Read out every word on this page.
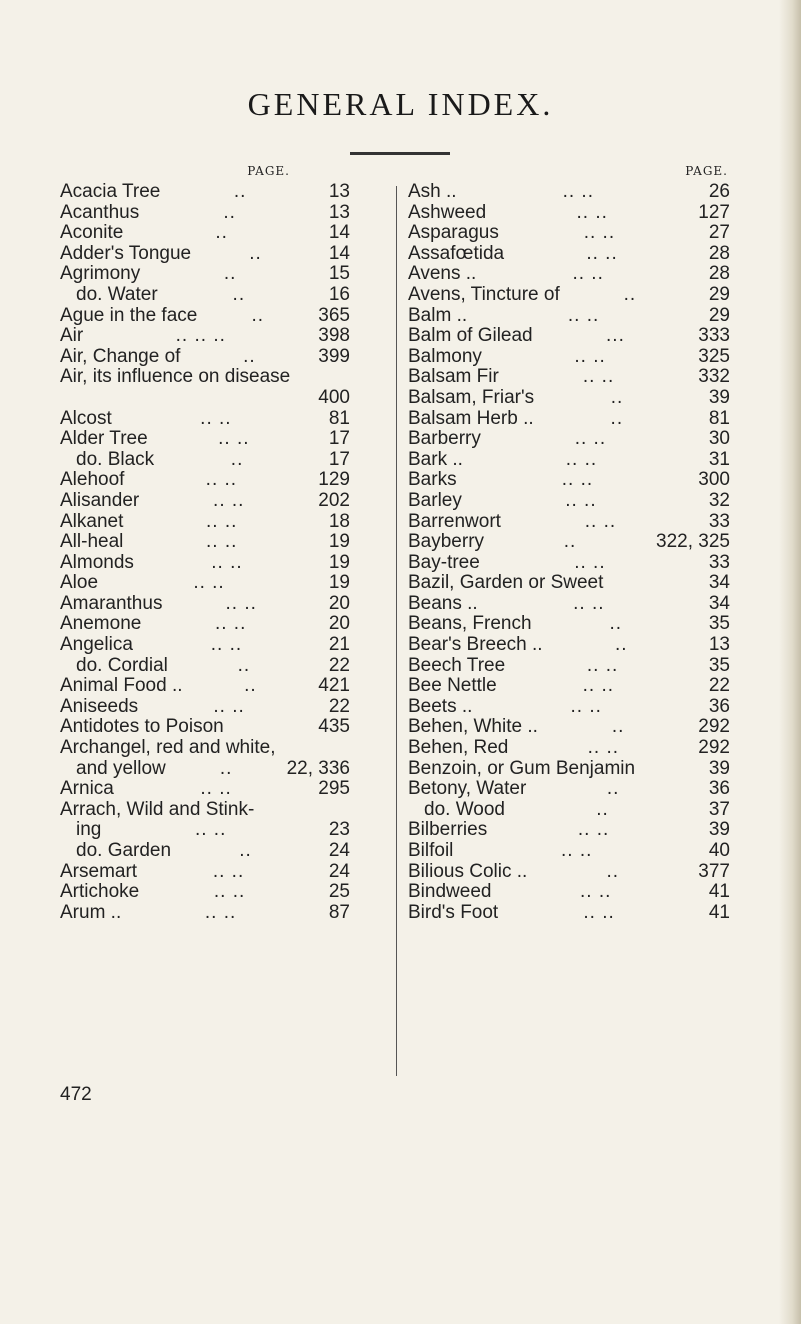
GENERAL INDEX.
PAGE.
Acacia Tree	..	13
Acanthus	..	13
Aconite	..	14
Adder's Tongue	..	14
Agrimony	..	15
do. Water	..	16
Ague in the face	..	365
Air	.. .. ..	398
Air, Change of	..	399
Air, its influence on disease
400
Alcost	.. ..	81
Alder Tree	.. ..	17
do. Black	..	17
Alehoof	.. ..	129
Alisander	.. ..	202
Alkanet	.. ..	18
All-heal	.. ..	19
Almonds	.. ..	19
Aloe	.. ..	19
Amaranthus	.. ..	20
Anemone	.. ..	20
Angelica	.. ..	21
do. Cordial	..	22
Animal Food ..	..	421
Aniseeds	.. ..	22
Antidotes to Poison	435
Archangel, red and white,
and yellow	..	22, 336
Arnica	.. ..	295
Arrach, Wild and Stink-
ing	.. ..	23
do. Garden	..	24
Arsemart	.. ..	24
Artichoke	.. ..	25
Arum ..	.. ..	87
PAGE.
Ash ..	.. ..	26
Ashweed	.. ..	127
Asparagus	.. ..	27
Assafœtida	.. ..	28
Avens ..	.. ..	28
Avens, Tincture of	..	29
Balm ..	.. ..	29
Balm of Gilead	...	333
Balmony	.. ..	325
Balsam Fir	.. ..	332
Balsam, Friar's	..	39
Balsam Herb ..	..	81
Barberry	.. ..	30
Bark ..	.. ..	31
Barks	.. ..	300
Barley	.. ..	32
Barrenwort	.. ..	33
Bayberry	..	322, 325
Bay-tree	.. ..	33
Bazil, Garden or Sweet	34
Beans ..	.. ..	34
Beans, French	..	35
Bear's Breech ..	..	13
Beech Tree	.. ..	35
Bee Nettle	.. ..	22
Beets ..	.. ..	36
Behen, White ..	..	292
Behen, Red	.. ..	292
Benzoin, or Gum Benjamin	39
Betony, Water	..	36
do. Wood	..	37
Bilberries	.. ..	39
Bilfoil	.. ..	40
Bilious Colic ..	..	377
Bindweed	.. ..	41
Bird's Foot	.. ..	41
472
